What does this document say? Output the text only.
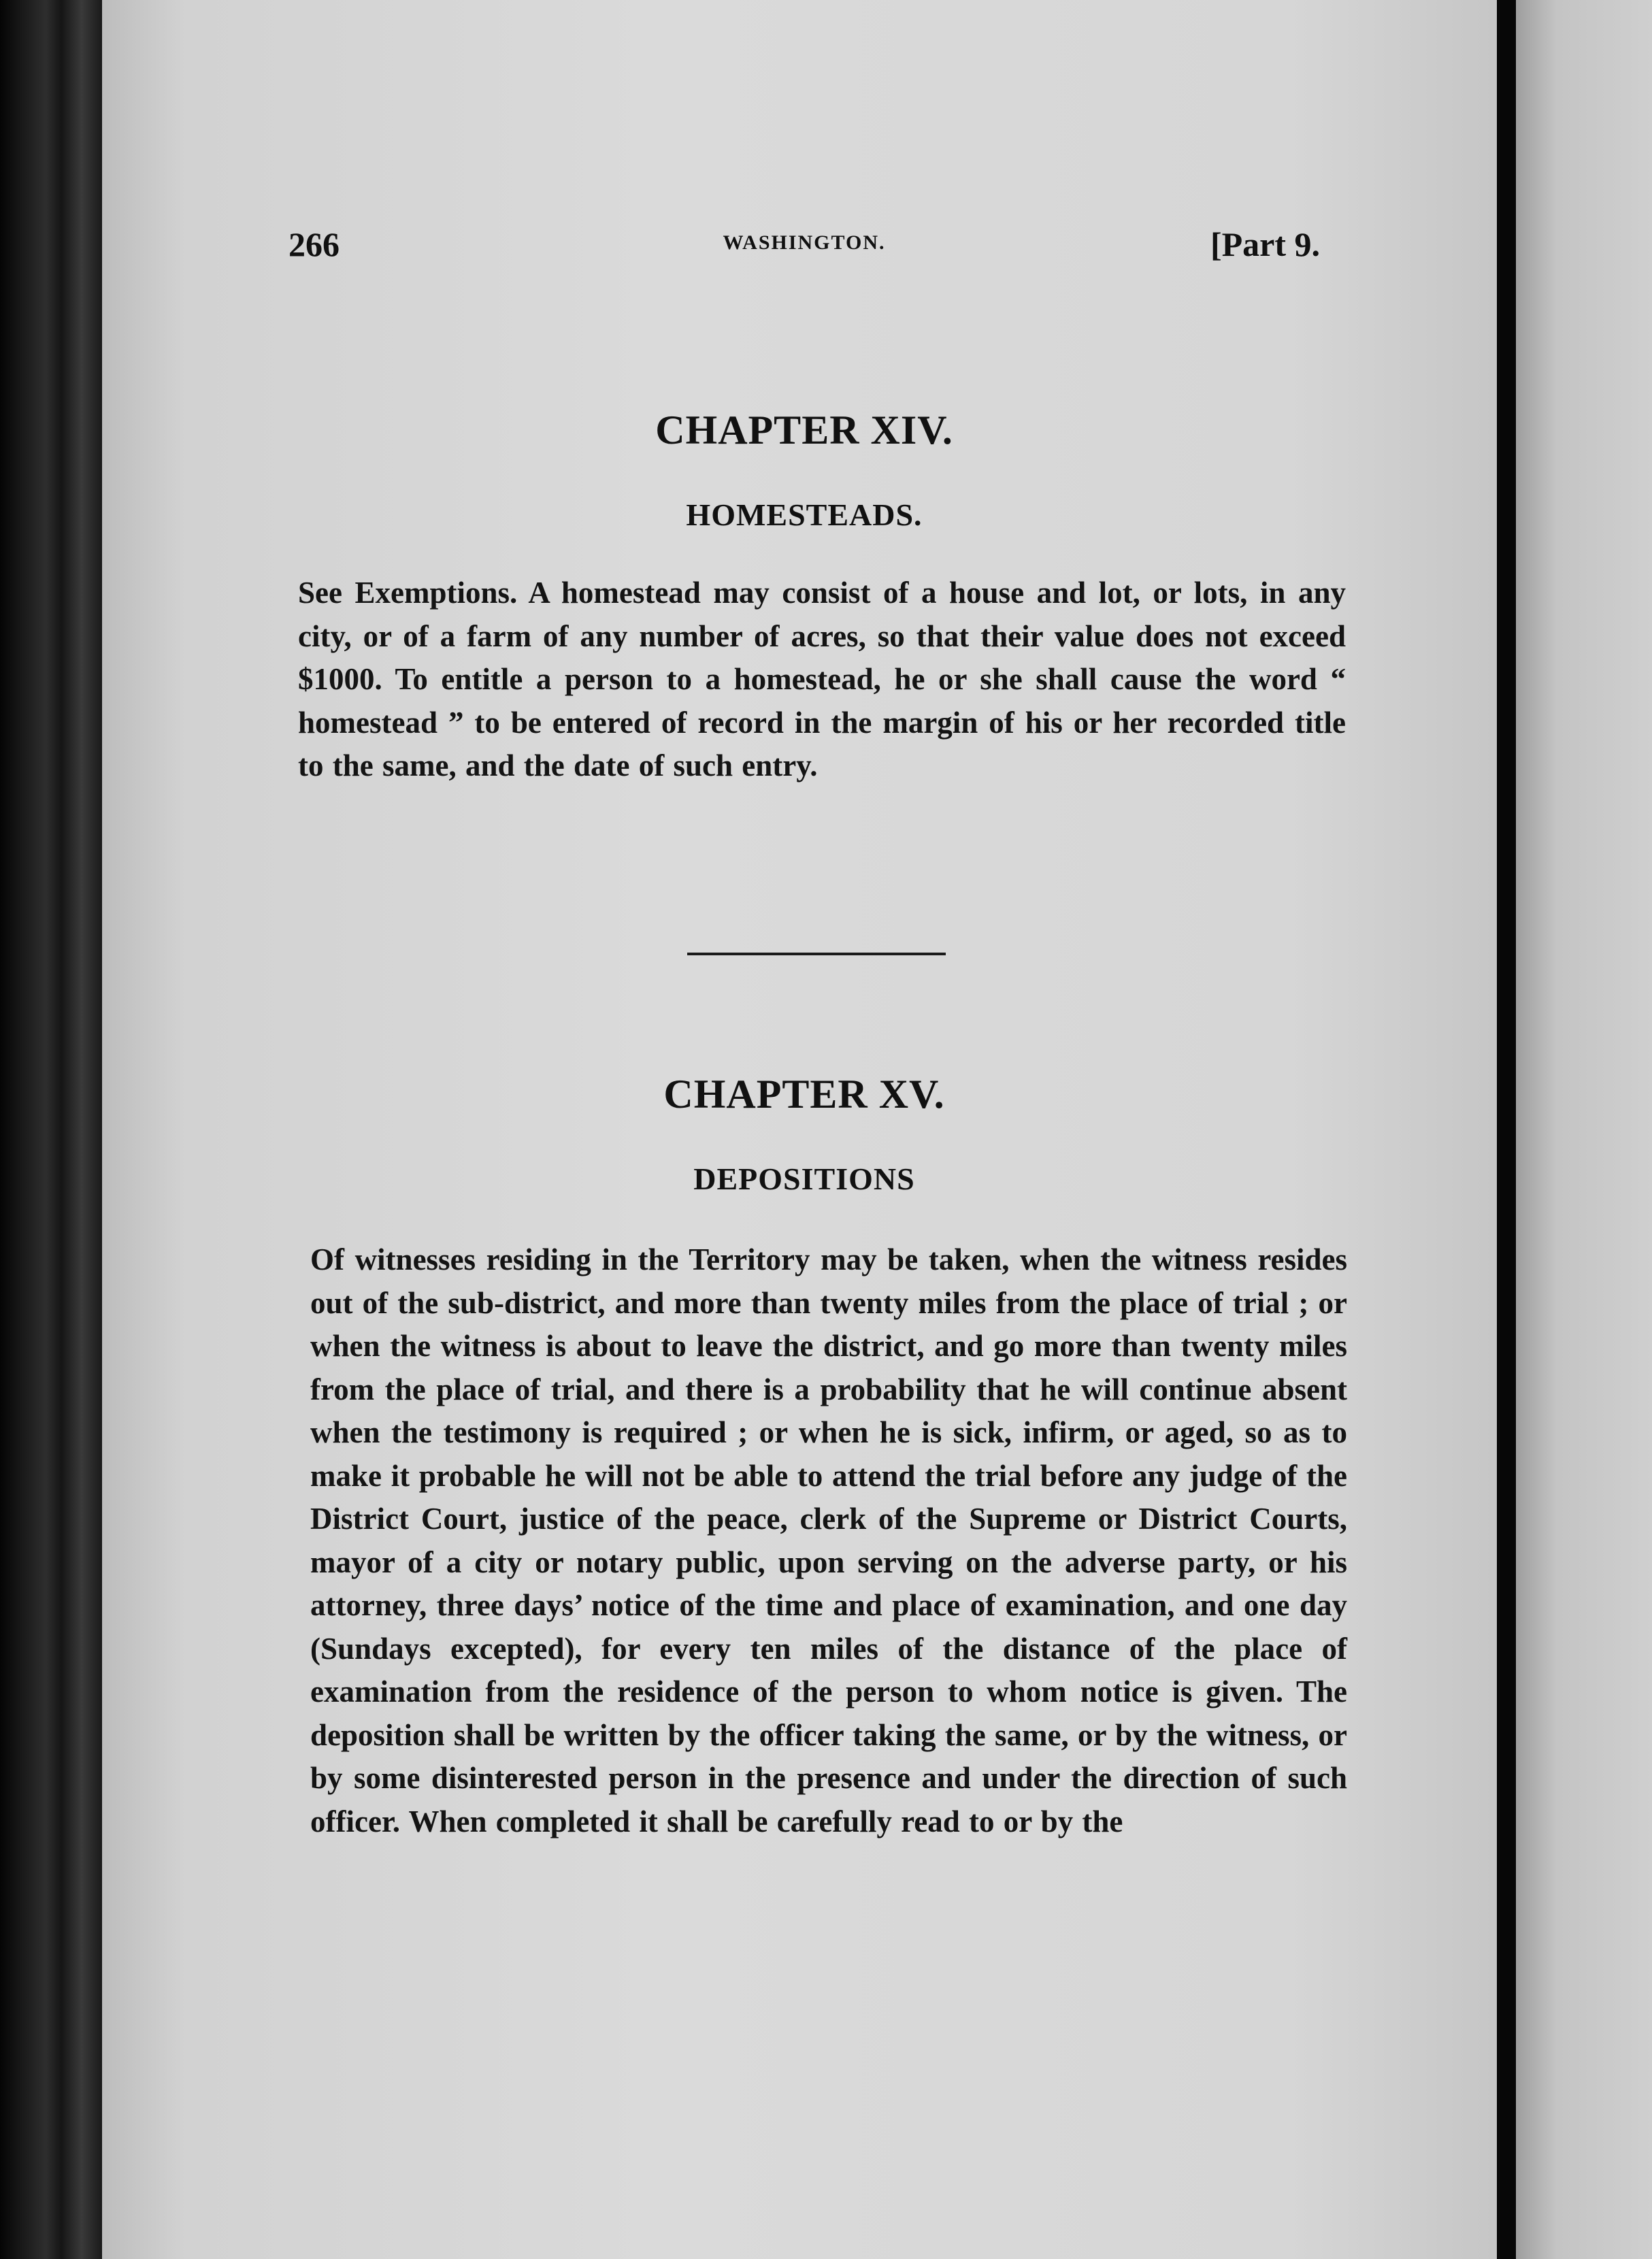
266	WASHINGTON.	[Part 9.
CHAPTER XIV.
HOMESTEADS.
See Exemptions. A homestead may consist of a house and lot, or lots, in any city, or of a farm of any number of acres, so that their value does not exceed $1000. To entitle a person to a homestead, he or she shall cause the word “ homestead ” to be entered of record in the margin of his or her recorded title to the same, and the date of such entry.
CHAPTER XV.
DEPOSITIONS
Of witnesses residing in the Territory may be taken, when the witness resides out of the sub-district, and more than twenty miles from the place of trial ; or when the witness is about to leave the district, and go more than twenty miles from the place of trial, and there is a probability that he will continue absent when the testimony is required ; or when he is sick, infirm, or aged, so as to make it probable he will not be able to attend the trial before any judge of the District Court, justice of the peace, clerk of the Supreme or District Courts, mayor of a city or notary public, upon serving on the adverse party, or his attorney, three days’ notice of the time and place of examination, and one day (Sundays excepted), for every ten miles of the distance of the place of examination from the residence of the person to whom notice is given. The deposition shall be written by the officer taking the same, or by the witness, or by some disinterested person in the presence and under the direction of such officer. When completed it shall be carefully read to or by the
